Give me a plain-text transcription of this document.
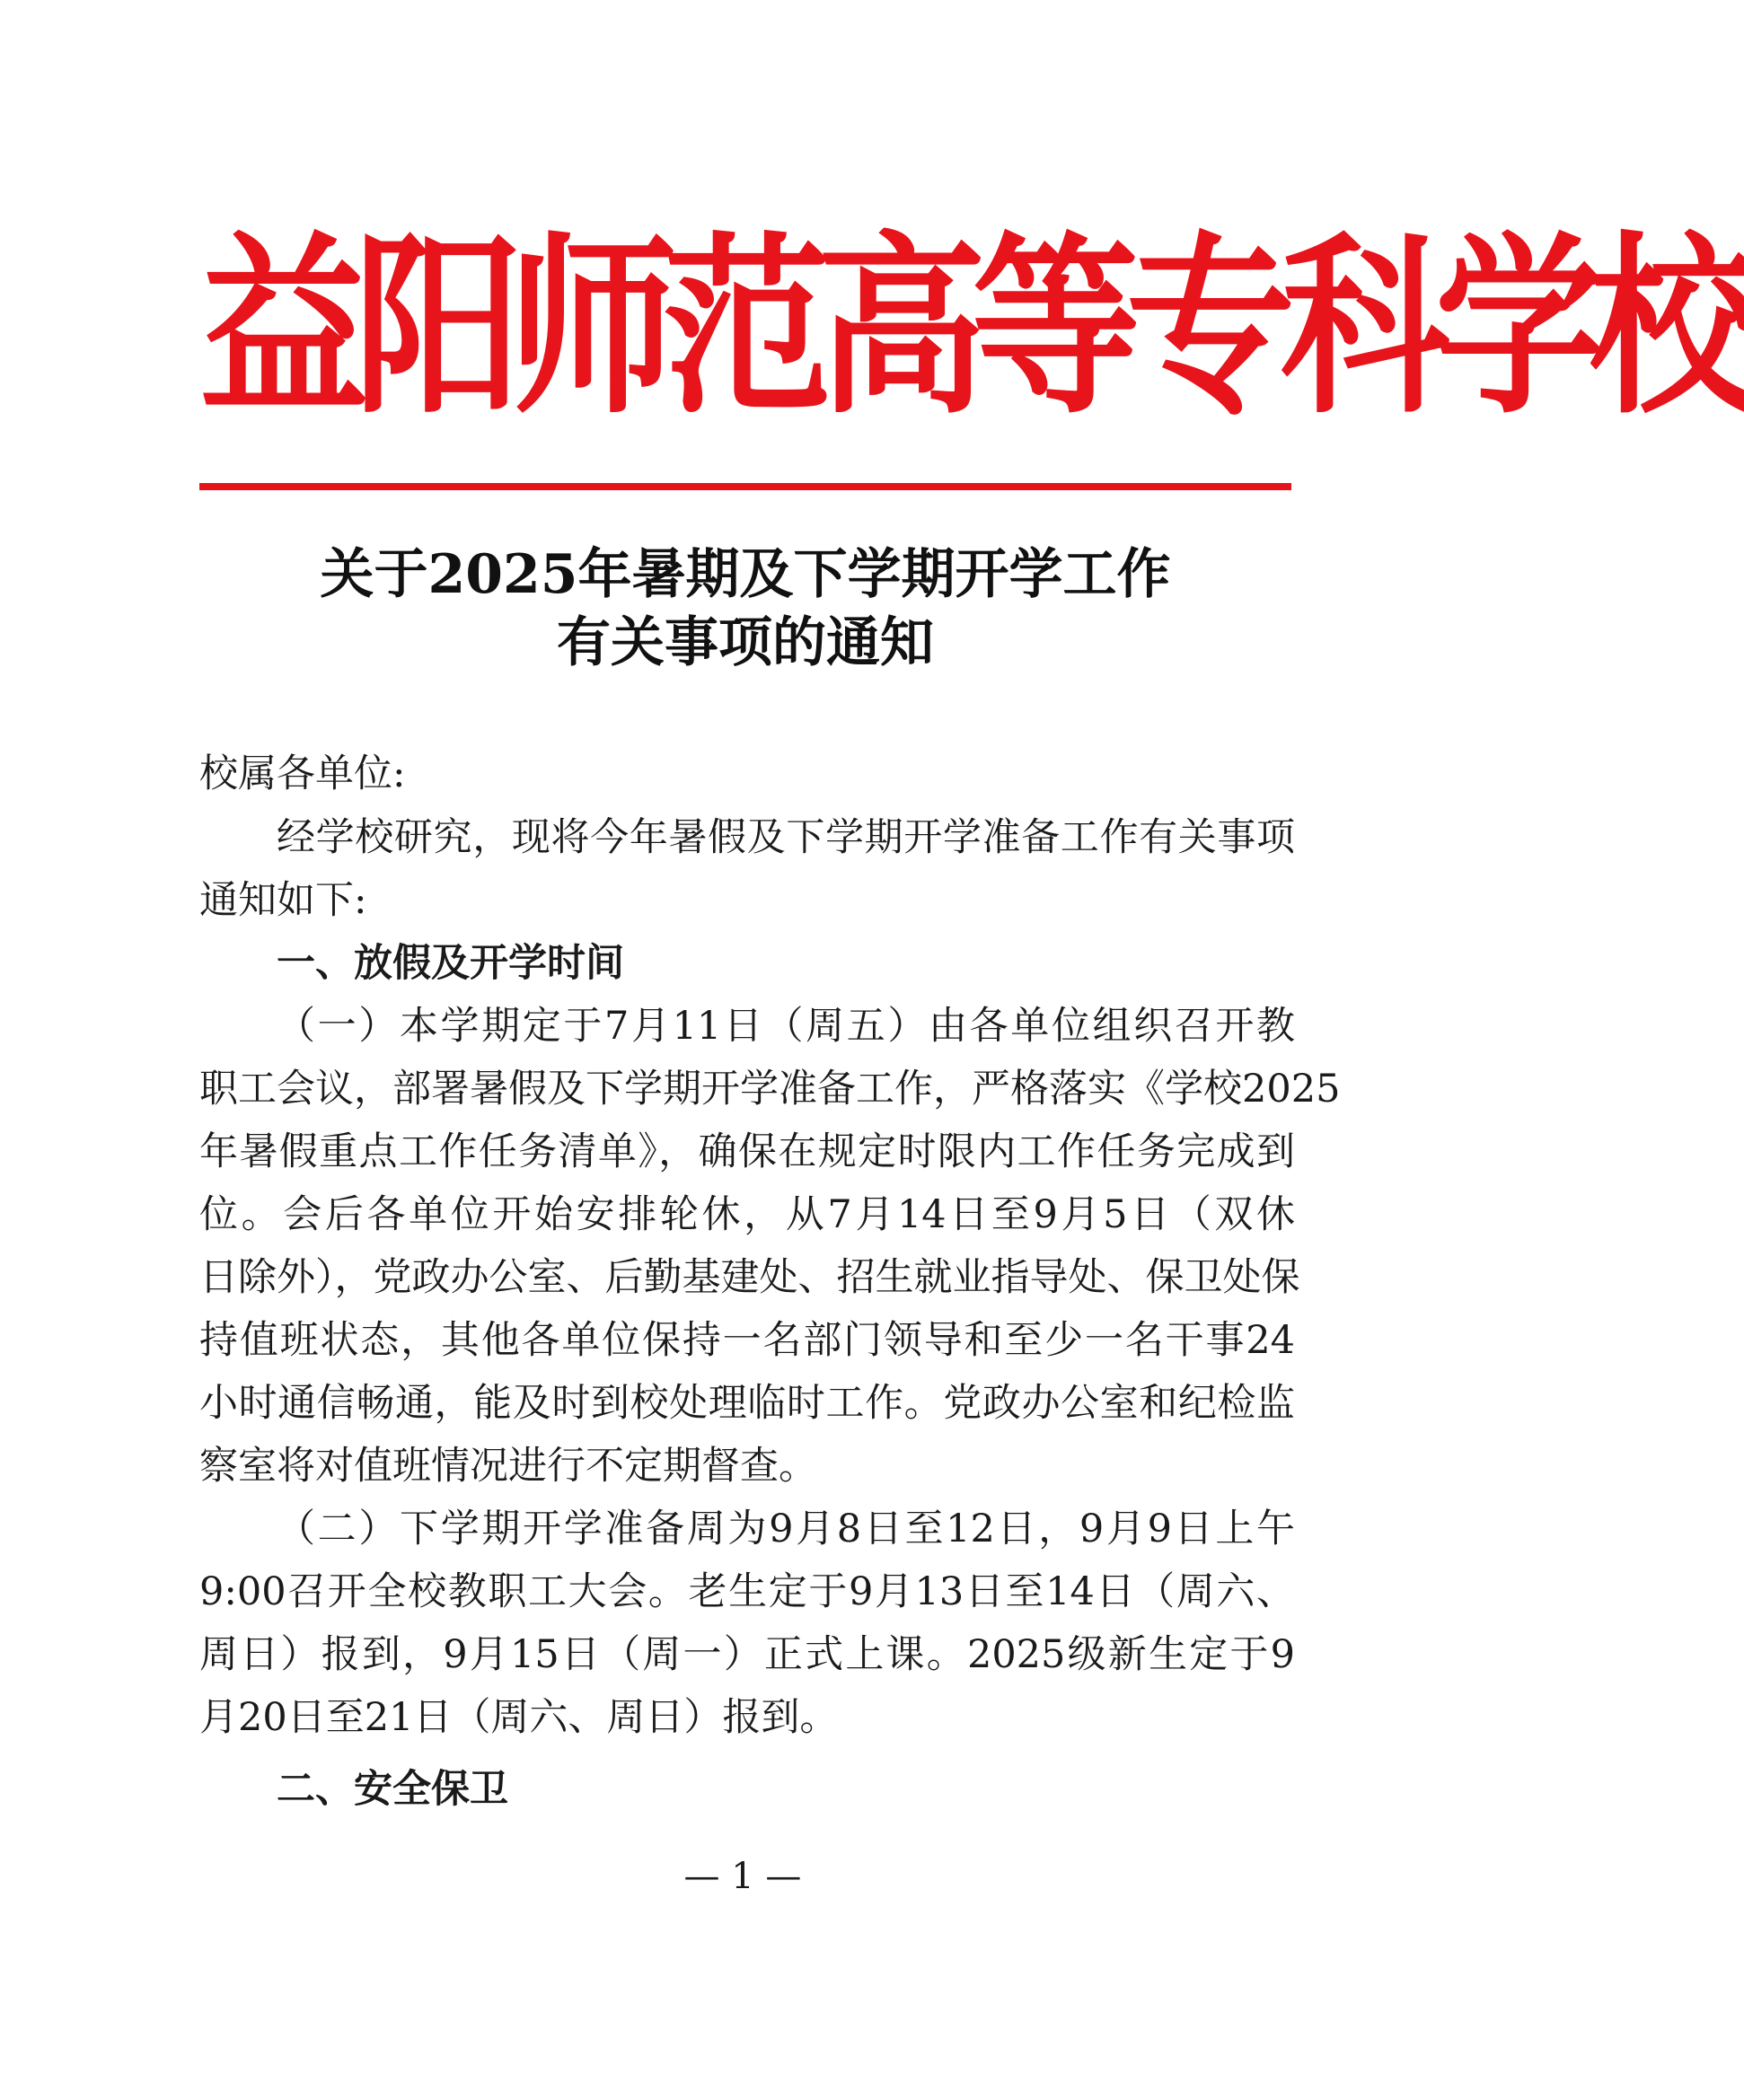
益阳师范高等专科学校
关于2025年暑期及下学期开学工作
有关事项的通知
校属各单位:
经学校研究，现将今年暑假及下学期开学准备工作有关事项
通知如下:
一、放假及开学时间
（一）本学期定于7月11日（周五）由各单位组织召开教
职工会议，部署暑假及下学期开学准备工作，严格落实《学校2025
年暑假重点工作任务清单》，确保在规定时限内工作任务完成到
位。会后各单位开始安排轮休，从7月14日至9月5日（双休
日除外），党政办公室、后勤基建处、招生就业指导处、保卫处保
持值班状态，其他各单位保持一名部门领导和至少一名干事24
小时通信畅通，能及时到校处理临时工作。党政办公室和纪检监
察室将对值班情况进行不定期督查。
（二）下学期开学准备周为9月8日至12日，9月9日上午
9:00召开全校教职工大会。老生定于9月13日至14日（周六、
周日）报到，9月15日（周一）正式上课。2025级新生定于9
月20日至21日（周六、周日）报到。
二、安全保卫
— 1 —
